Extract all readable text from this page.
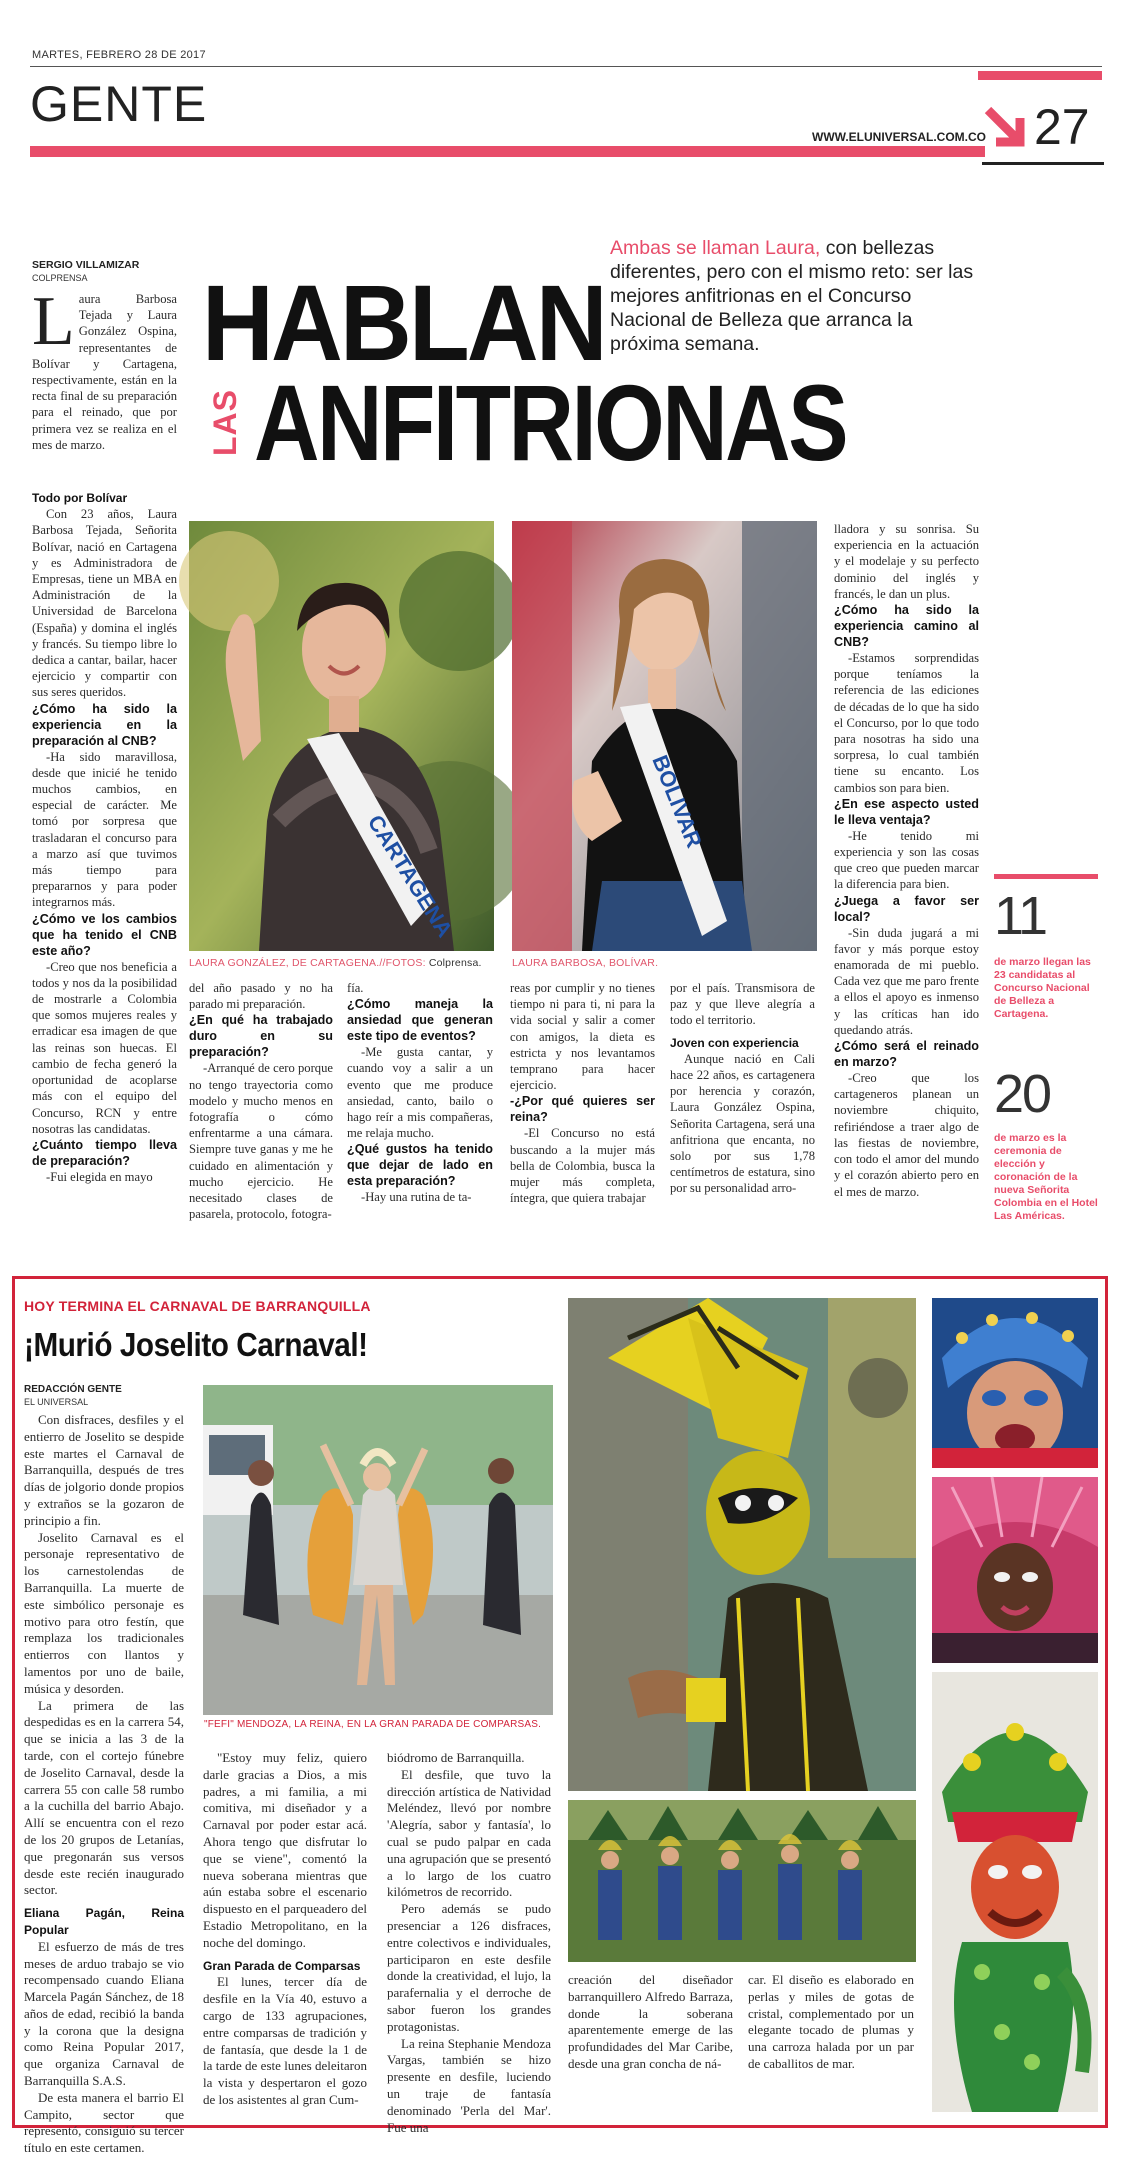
MARTES, FEBRERO 28 DE 2017
GENTE
WWW.ELUNIVERSAL.COM.CO 27
SERGIO VILLAMIZAR
COLPRENSA
Laura Barbosa Tejada y Laura González Ospina, representantes de Bolívar y Cartagena, respectivamente, están en la recta final de su preparación para el reinado, que por primera vez se realiza en el mes de marzo.
HABLAN
LAS ANFITRIONAS
Ambas se llaman Laura, con bellezas diferentes, pero con el mismo reto: ser las mejores anfitrionas en el Concurso Nacional de Belleza que arranca la próxima semana.
Todo por Bolívar

Con 23 años, Laura Barbosa Tejada, Señorita Bolívar, nació en Cartagena y es Administradora de Empresas, tiene un MBA en Administración de la Universidad de Barcelona (España) y domina el inglés y francés. Su tiempo libre lo dedica a cantar, bailar, hacer ejercicio y compartir con sus seres queridos.

¿Cómo ha sido la experiencia en la preparación al CNB?

-Ha sido maravillosa, desde que inicié he tenido muchos cambios, en especial de carácter. Me tomó por sorpresa que trasladaran el concurso para a marzo así que tuvimos más tiempo para prepararnos y para poder integrarnos más.

¿Cómo ve los cambios que ha tenido el CNB este año?

-Creo que nos beneficia a todos y nos da la posibilidad de mostrarle a Colombia que somos mujeres reales y erradicar esa imagen de que las reinas son huecas. El cambio de fecha generó la oportunidad de acoplarse más con el equipo del Concurso, RCN y entre nosotras las candidatas.

¿Cuánto tiempo lleva de preparación?

-Fui elegida en mayo

CARTAGENA
LAURA GONZÁLEZ, DE CARTAGENA.//FOTOS: Colprensa.
BOLIVAR
LAURA BARBOSA, BOLÍVAR.

del año pasado y no ha parado mi preparación.

¿En qué ha trabajado duro en su preparación?

-Arranqué de cero porque no tengo trayectoria como modelo y mucho menos en fotografía o cómo enfrentarme a una cámara. Siempre tuve ganas y me he cuidado en alimentación y mucho ejercicio. He necesitado clases de pasarela, protocolo, fotogra-

fía.

¿Cómo maneja la ansiedad que generan este tipo de eventos?

-Me gusta cantar, y cuando voy a salir a un evento que me produce ansiedad, canto, bailo o hago reír a mis compañeras, me relaja mucho.

¿Qué gustos ha tenido que dejar de lado en esta preparación?

-Hay una rutina de ta-

reas por cumplir y no tienes tiempo ni para ti, ni para la vida social y salir a comer con amigos, la dieta es estricta y nos levantamos temprano para hacer ejercicio.

-¿Por qué quieres ser reina?

-El Concurso no está buscando a la mujer más bella de Colombia, busca la mujer más completa, íntegra, que quiera trabajar

por el país. Transmisora de paz y que lleve alegría a todo el territorio.

Joven con experiencia

Aunque nació en Cali hace 22 años, es cartagenera por herencia y corazón, Laura González Ospina, Señorita Cartagena, será una anfitriona que encanta, no solo por sus 1,78 centímetros de estatura, sino por su personalidad arro-

lladora y su sonrisa. Su experiencia en la actuación y el modelaje y su perfecto dominio del inglés y francés, le dan un plus.

¿Cómo ha sido la experiencia camino al CNB?

-Estamos sorprendidas porque teníamos la referencia de las ediciones de décadas de lo que ha sido el Concurso, por lo que todo para nosotras ha sido una sorpresa, lo cual también tiene su encanto. Los cambios son para bien.

¿En ese aspecto usted le lleva ventaja?

-He tenido mi experiencia y son las cosas que creo que pueden marcar la diferencia para bien.

¿Juega a favor ser local?

-Sin duda jugará a mi favor y más porque estoy enamorada de mi pueblo. Cada vez que me paro frente a ellos el apoyo es inmenso y las críticas han ido quedando atrás.

¿Cómo será el reinado en marzo?

-Creo que los cartageneros planean un noviembre chiquito, refiriéndose a traer algo de las fiestas de noviembre, con todo el amor del mundo y el corazón abierto pero en el mes de marzo.

11
de marzo llegan las 23 candidatas al Concurso Nacional de Belleza a Cartagena.
20
de marzo es la ceremonia de elección y coronación de la nueva Señorita Colombia en el Hotel Las Américas.
HOY TERMINA EL CARNAVAL DE BARRANQUILLA
¡Murió Joselito Carnaval!
REDACCIÓN GENTE
EL UNIVERSAL

Con disfraces, desfiles y el entierro de Joselito se despide este martes el Carnaval de Barranquilla, después de tres días de jolgorio donde propios y extraños se la gozaron de principio a fin.

Joselito Carnaval es el personaje representativo de los carnestolendas de Barranquilla. La muerte de este simbólico personaje es motivo para otro festín, que remplaza los tradicionales entierros con llantos y lamentos por uno de baile, música y desorden.

La primera de las despedidas es en la carrera 54, que se inicia a las 3 de la tarde, con el cortejo fúnebre de Joselito Carnaval, desde la carrera 55 con calle 58 rumbo a la cuchilla del barrio Abajo. Allí se encuentra con el rezo de los 20 grupos de Letanías, que pregonarán sus versos desde este recién inaugurado sector.

Eliana Pagán, Reina Popular

El esfuerzo de más de tres meses de arduo trabajo se vio recompensado cuando Eliana Marcela Pagán Sánchez, de 18 años de edad, recibió la banda y la corona que la designa como Reina Popular 2017, que organiza Carnaval de Barranquilla S.A.S.

De esta manera el barrio El Campito, sector que representó, consiguió su tercer título en este certamen.

"FEFI" MENDOZA, LA REINA, EN LA GRAN PARADA DE COMPARSAS.

"Estoy muy feliz, quiero darle gracias a Dios, a mis padres, a mi familia, a mi comitiva, mi diseñador y a Carnaval por poder estar acá. Ahora tengo que disfrutar lo que se viene", comentó la nueva soberana mientras que aún estaba sobre el escenario dispuesto en el parqueadero del Estadio Metropolitano, en la noche del domingo.

Gran Parada de Comparsas

El lunes, tercer día de desfile en la Vía 40, estuvo a cargo de 133 agrupaciones, entre comparsas de tradición y de fantasía, que desde la 1 de la tarde de este lunes deleitaron la vista y despertaron el gozo de los asistentes al gran Cum-

biódromo de Barranquilla.

El desfile, que tuvo la dirección artística de Natividad Meléndez, llevó por nombre 'Alegría, sabor y fantasía', lo cual se pudo palpar en cada una agrupación que se presentó a lo largo de los cuatro kilómetros de recorrido.

Pero además se pudo presenciar a 126 disfraces, entre colectivos e individuales, participaron en este desfile donde la creatividad, el lujo, la parafernalia y el derroche de sabor fueron los grandes protagonistas.

La reina Stephanie Mendoza Vargas, también se hizo presente en desfile, luciendo un traje de fantasía denominado 'Perla del Mar'. Fue una

creación del diseñador barranquillero Alfredo Barraza, donde la soberana aparentemente emerge de las profundidades del Mar Caribe, desde una gran concha de ná-

car. El diseño es elaborado en perlas y miles de gotas de cristal, complementado por un elegante tocado de plumas y una carroza halada por un par de caballitos de mar.
